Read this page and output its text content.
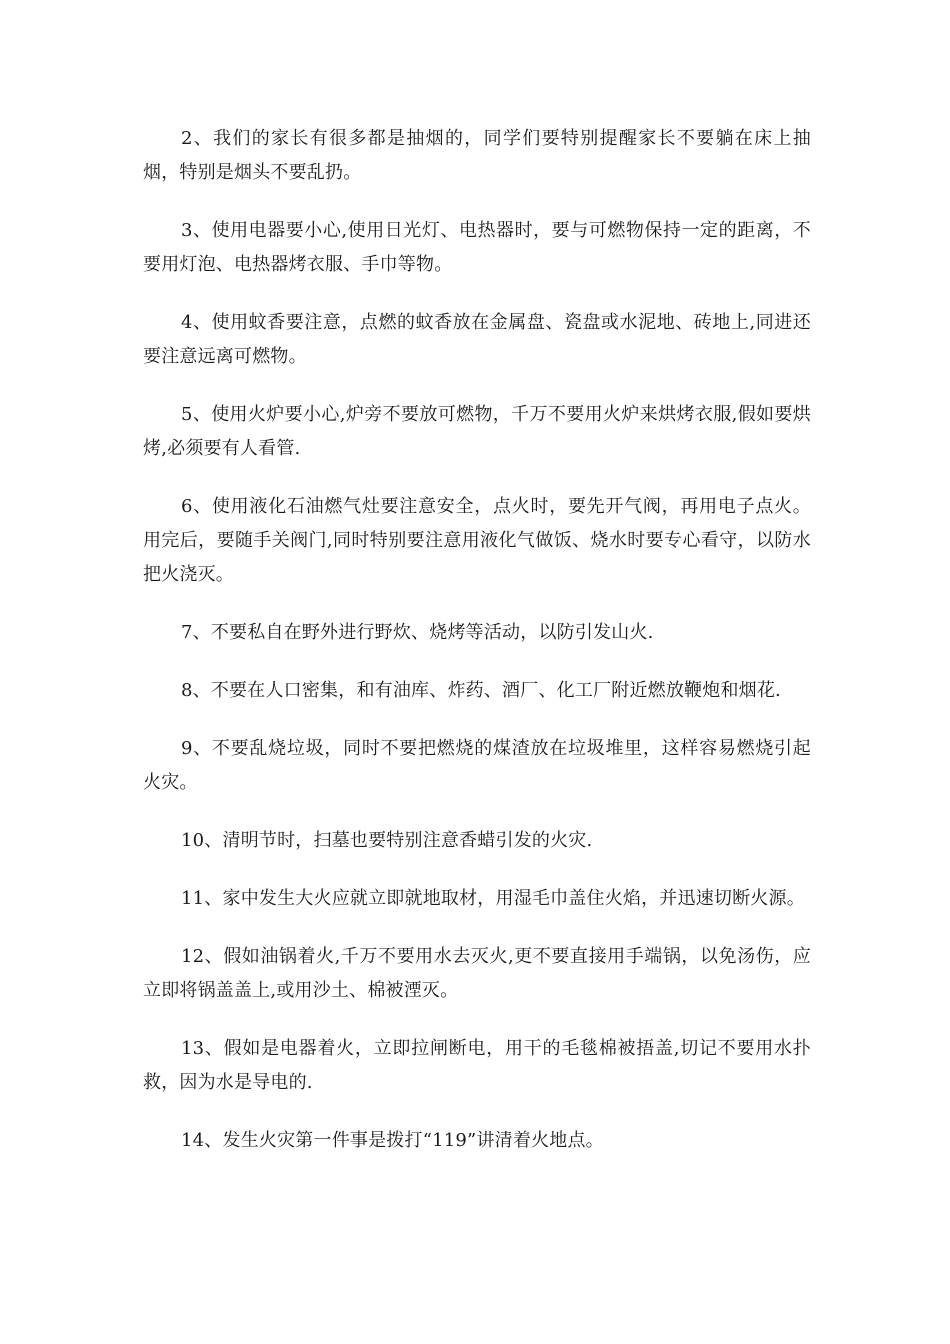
2、我们的家长有很多都是抽烟的，同学们要特别提醒家长不要躺在床上抽烟，特别是烟头不要乱扔。

3、使用电器要小心,使用日光灯、电热器时，要与可燃物保持一定的距离，不要用灯泡、电热器烤衣服、手巾等物。

4、使用蚊香要注意，点燃的蚊香放在金属盘、瓷盘或水泥地、砖地上,同进还要注意远离可燃物。

5、使用火炉要小心,炉旁不要放可燃物，千万不要用火炉来烘烤衣服,假如要烘烤,必须要有人看管.

6、使用液化石油燃气灶要注意安全，点火时，要先开气阀，再用电子点火。用完后，要随手关阀门,同时特别要注意用液化气做饭、烧水时要专心看守，以防水把火浇灭。

7、不要私自在野外进行野炊、烧烤等活动，以防引发山火.

8、不要在人口密集，和有油库、炸药、酒厂、化工厂附近燃放鞭炮和烟花.

9、不要乱烧垃圾，同时不要把燃烧的煤渣放在垃圾堆里，这样容易燃烧引起火灾。

10、清明节时，扫墓也要特别注意香蜡引发的火灾.

11、家中发生大火应就立即就地取材，用湿毛巾盖住火焰，并迅速切断火源。

12、假如油锅着火,千万不要用水去灭火,更不要直接用手端锅，以免汤伤，应立即将锅盖盖上,或用沙土、棉被湮灭。

13、假如是电器着火，立即拉闸断电，用干的毛毯棉被捂盖,切记不要用水扑救，因为水是导电的.

14、发生火灾第一件事是拨打“119”讲清着火地点。
